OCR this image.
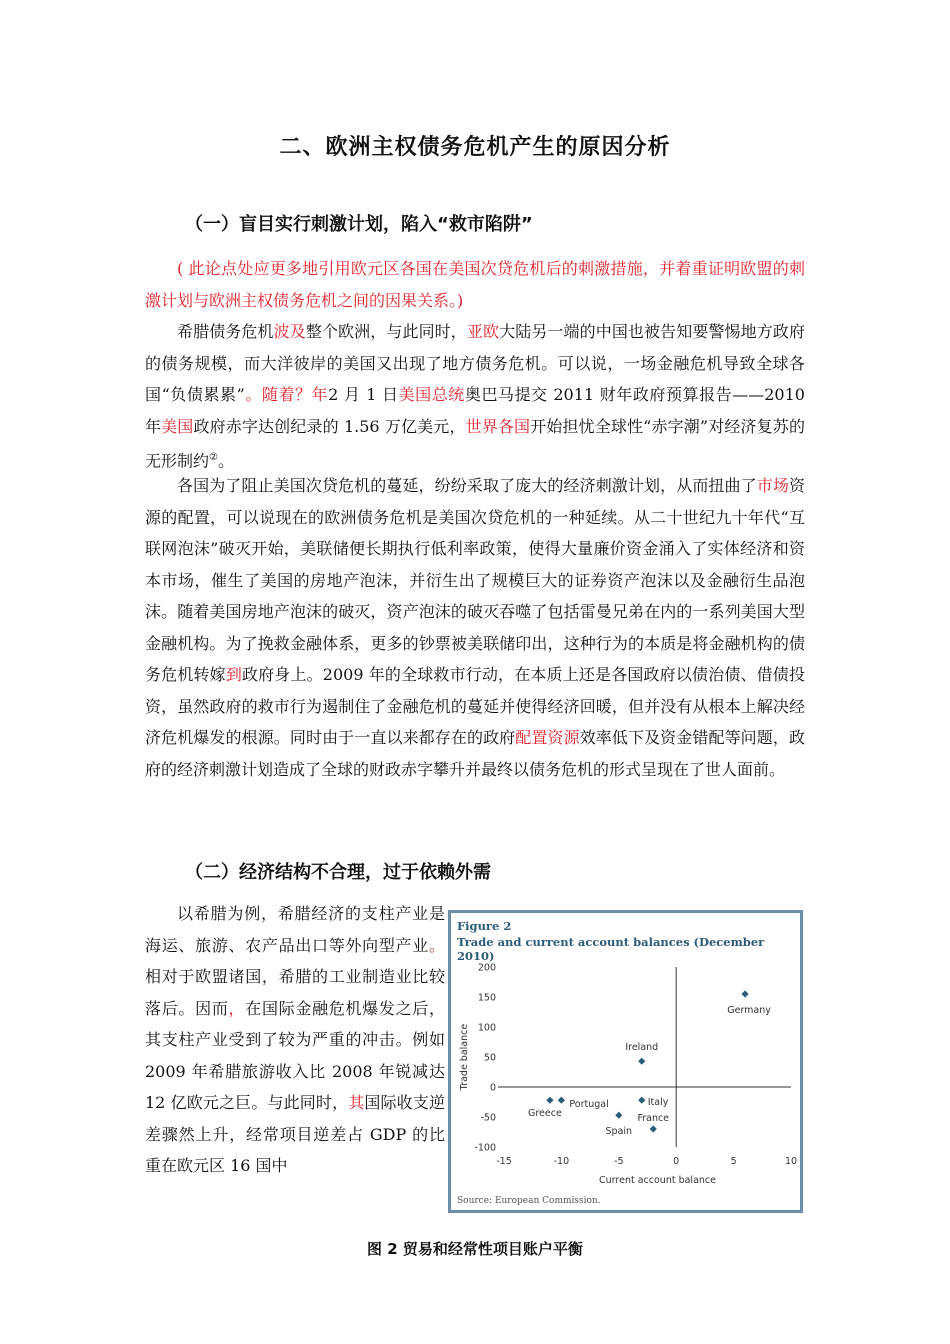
二、欧洲主权债务危机产生的原因分析
（一）盲目实行刺激计划，陷入“救市陷阱”

( 此论点处应更多地引用欧元区各国在美国次贷危机后的刺激措施，并着重证明欧盟的刺激计划与欧洲主权债务危机之间的因果关系。)

希腊债务危机波及整个欧洲，与此同时，亚欧大陆另一端的中国也被告知要警惕地方政府的债务规模，而大洋彼岸的美国又出现了地方债务危机。可以说，一场金融危机导致全球各国“负债累累”。随着？年2 月 1 日美国总统奥巴马提交 2011 财年政府预算报告——2010 年美国政府赤字达创纪录的 1.56 万亿美元，世界各国开始担忧全球性“赤字潮”对经济复苏的无形制约②。

各国为了阻止美国次贷危机的蔓延，纷纷采取了庞大的经济刺激计划，从而扭曲了市场资源的配置，可以说现在的欧洲债务危机是美国次贷危机的一种延续。从二十世纪九十年代“互联网泡沫”破灭开始，美联储便长期执行低利率政策，使得大量廉价资金涌入了实体经济和资本市场，催生了美国的房地产泡沫，并衍生出了规模巨大的证券资产泡沫以及金融衍生品泡沫。随着美国房地产泡沫的破灭，资产泡沫的破灭吞噬了包括雷曼兄弟在内的一系列美国大型金融机构。为了挽救金融体系，更多的钞票被美联储印出，这种行为的本质是将金融机构的债务危机转嫁到政府身上。2009 年的全球救市行动，在本质上还是各国政府以债治债、借债投资，虽然政府的救市行为遏制住了金融危机的蔓延并使得经济回暖，但并没有从根本上解决经济危机爆发的根源。同时由于一直以来都存在的政府配置资源效率低下及资金错配等问题，政府的经济刺激计划造成了全球的财政赤字攀升并最终以债务危机的形式呈现在了世人面前。

（二）经济结构不合理，过于依赖外需

以希腊为例，希腊经济的支柱产业是海运、旅游、农产品出口等外向型产业。相对于欧盟诸国，希腊的工业制造业比较落后。因而，在国际金融危机爆发之后，其支柱产业受到了较为严重的冲击。例如 2009 年希腊旅游收入比 2008 年锐减达 12 亿欧元之巨。与此同时，其国际收支逆差骤然上升，经常项目逆差占 GDP 的比重在欧元区 16 国中

Figure 2
Trade and current account balances (December 2010)
200
150
100
50
0
-50
-100
-15	-10	-5	0	5	10
Germany
Ireland
Greece
Portugal	Italy
Spain
France
Trade balance
Current account balance
Source: European Commission.
图 2 贸易和经常性项目账户平衡
